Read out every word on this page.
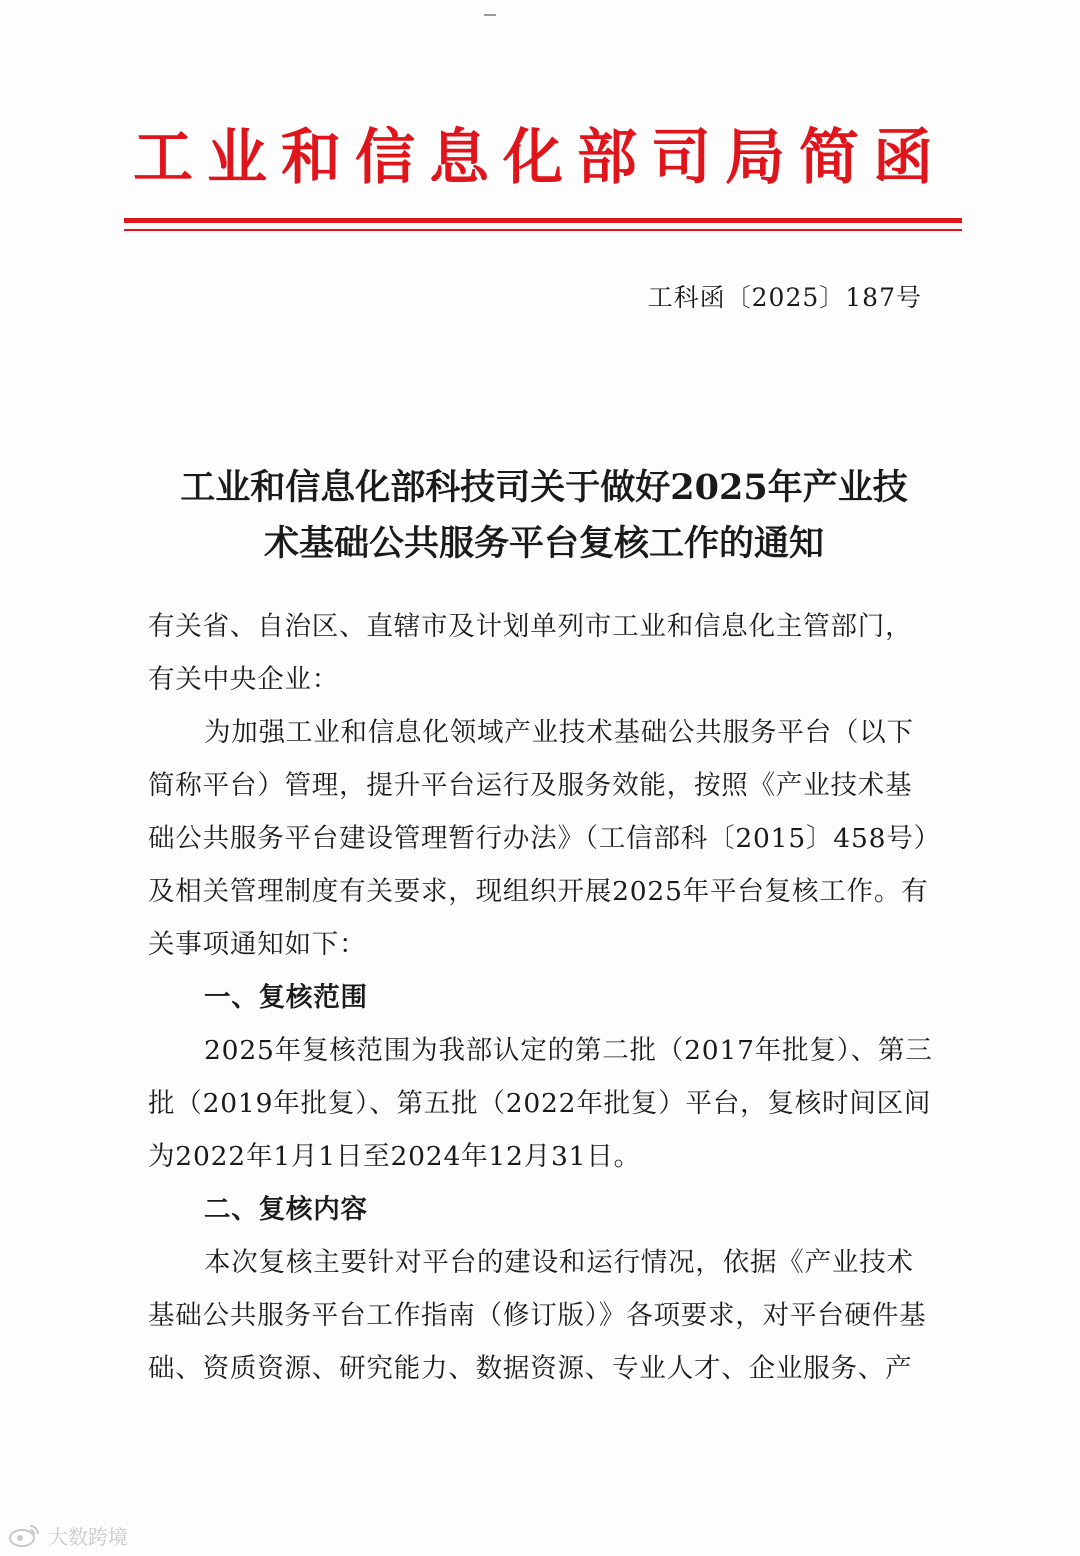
工业和信息化部司局简函
工科函〔2025〕187号
工业和信息化部科技司关于做好2025年产业技
术基础公共服务平台复核工作的通知
有关省、自治区、直辖市及计划单列市工业和信息化主管部门，
有关中央企业：
为加强工业和信息化领域产业技术基础公共服务平台（以下
简称平台）管理，提升平台运行及服务效能，按照《产业技术基
础公共服务平台建设管理暂行办法》（工信部科〔2015〕458号）
及相关管理制度有关要求，现组织开展2025年平台复核工作。有
关事项通知如下：
一、复核范围
2025年复核范围为我部认定的第二批（2017年批复）、第三
批（2019年批复）、第五批（2022年批复）平台，复核时间区间
为2022年1月1日至2024年12月31日。
二、复核内容
本次复核主要针对平台的建设和运行情况，依据《产业技术
基础公共服务平台工作指南（修订版）》各项要求，对平台硬件基
础、资质资源、研究能力、数据资源、专业人才、企业服务、产
大数跨境
